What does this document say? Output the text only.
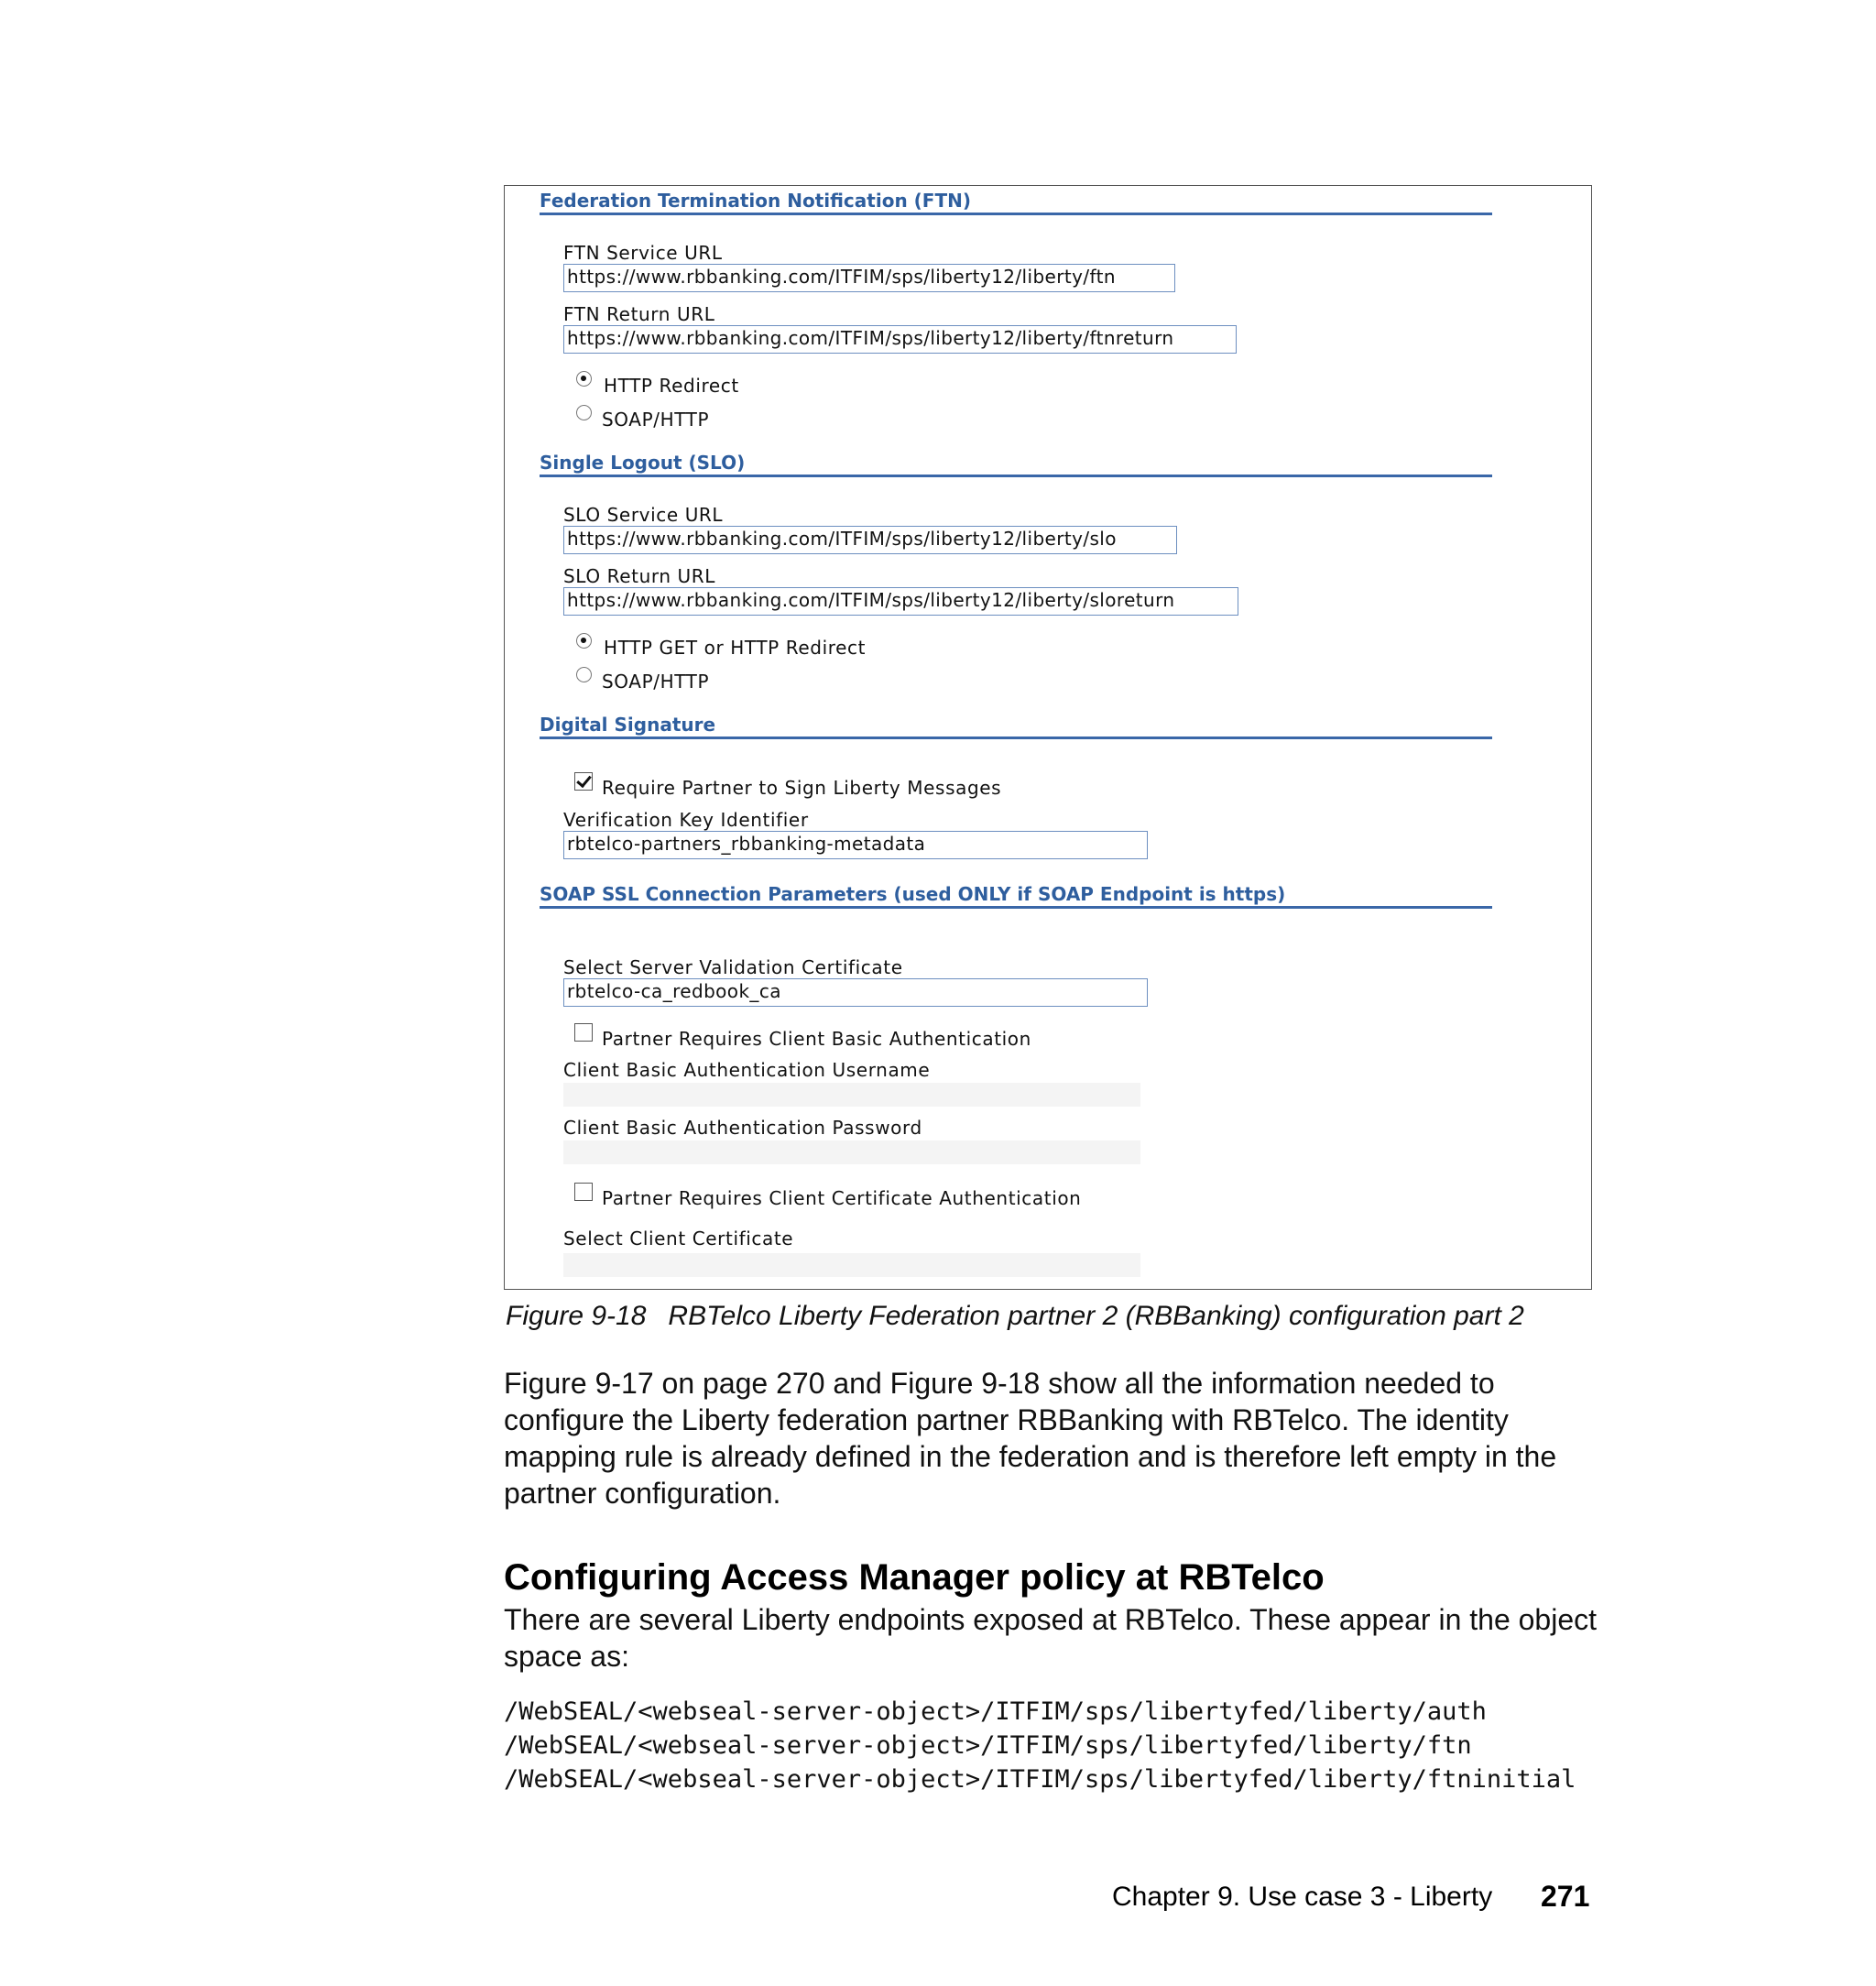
Federation Termination Notification (FTN)
FTN Service URL
https://www.rbbanking.com/ITFIM/sps/liberty12/liberty/ftn
FTN Return URL
https://www.rbbanking.com/ITFIM/sps/liberty12/liberty/ftnreturn
HTTP Redirect
SOAP/HTTP
Single Logout (SLO)
SLO Service URL
https://www.rbbanking.com/ITFIM/sps/liberty12/liberty/slo
SLO Return URL
https://www.rbbanking.com/ITFIM/sps/liberty12/liberty/sloreturn
HTTP GET or HTTP Redirect
SOAP/HTTP
Digital Signature
Require Partner to Sign Liberty Messages
Verification Key Identifier
rbtelco-partners_rbbanking-metadata
SOAP SSL Connection Parameters (used ONLY if SOAP Endpoint is https)
Select Server Validation Certificate
rbtelco-ca_redbook_ca
Partner Requires Client Basic Authentication
Client Basic Authentication Username
Client Basic Authentication Password
Partner Requires Client Certificate Authentication
Select Client Certificate
Figure 9-18 RBTelco Liberty Federation partner 2 (RBBanking) configuration part 2
Figure 9-17 on page 270 and Figure 9-18 show all the information needed to configure the Liberty federation partner RBBanking with RBTelco. The identity mapping rule is already defined in the federation and is therefore left empty in the partner configuration.
Configuring Access Manager policy at RBTelco
There are several Liberty endpoints exposed at RBTelco. These appear in the object space as:
/WebSEAL/<webseal-server-object>/ITFIM/sps/libertyfed/liberty/auth
/WebSEAL/<webseal-server-object>/ITFIM/sps/libertyfed/liberty/ftn
/WebSEAL/<webseal-server-object>/ITFIM/sps/libertyfed/liberty/ftninitial
Chapter 9. Use case 3 - Liberty 271
